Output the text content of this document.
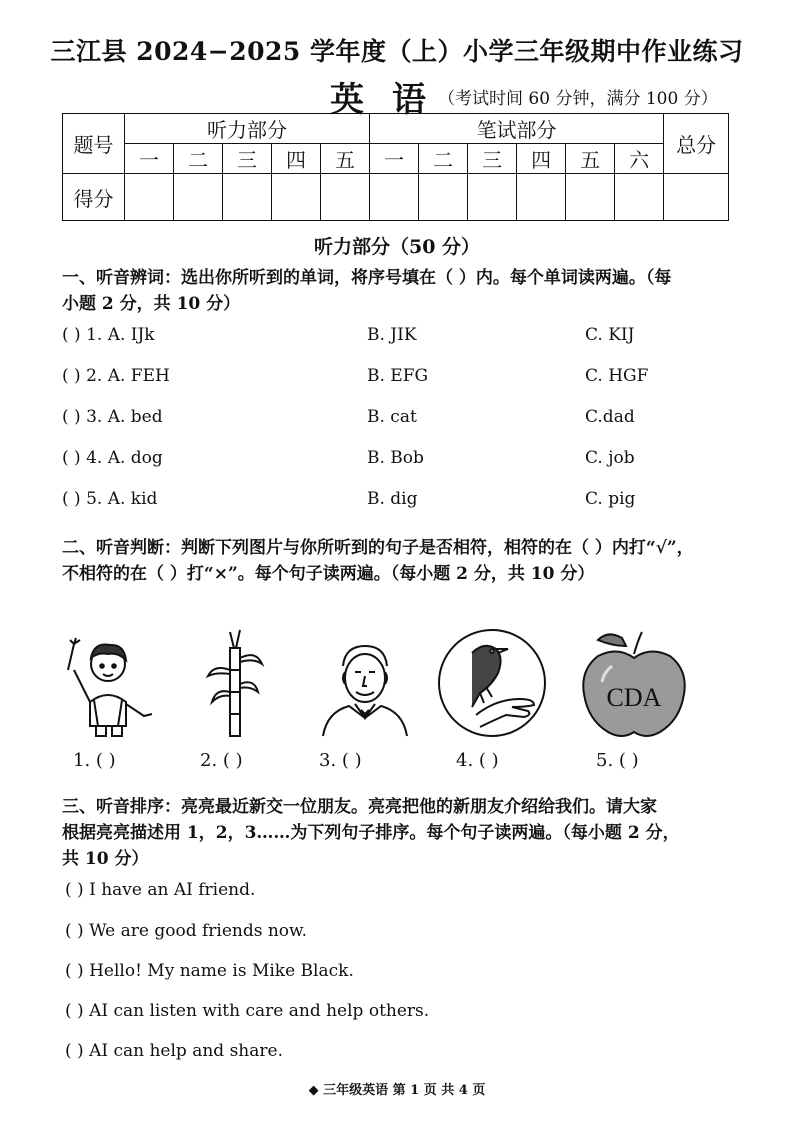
三江县 2024−2025 学年度（上）小学三年级期中作业练习
英语
（考试时间 60 分钟，满分 100 分）
题号	听力部分					笔试部分						总分
	一	二	三	四	五	一	二	三	四	五	六	
得分												
听力部分（50 分）
一、听音辨词：选出你所听到的单词，将序号填在（ ）内。每个单词读两遍。（每
小题 2 分，共 10 分）
( ) 1. A. IJk	B. JIK	C. KIJ
( ) 2. A. FEH	B. EFG	C. HGF
( ) 3. A. bed	B. cat	C.dad
( ) 4. A. dog	B. Bob	C. job
( ) 5. A. kid	B. dig	C. pig
二、听音判断：判断下列图片与你所听到的句子是否相符，相符的在（ ）内打“√”，
不相符的在（ ）打“×”。每个句子读两遍。（每小题 2 分，共 10 分）
CDA
1. ( )	2. ( )	3. ( )	4. ( )	5. ( )
三、听音排序：亮亮最近新交一位朋友。亮亮把他的新朋友介绍给我们。请大家
根据亮亮描述用 1，2，3……为下列句子排序。每个句子读两遍。（每小题 2 分，
共 10 分）
( ) I have an AI friend.
( ) We are good friends now.
( ) Hello! My name is Mike Black.
( ) AI can listen with care and help others.
( ) AI can help and share.
◆ 三年级英语 第 1 页 共 4 页
